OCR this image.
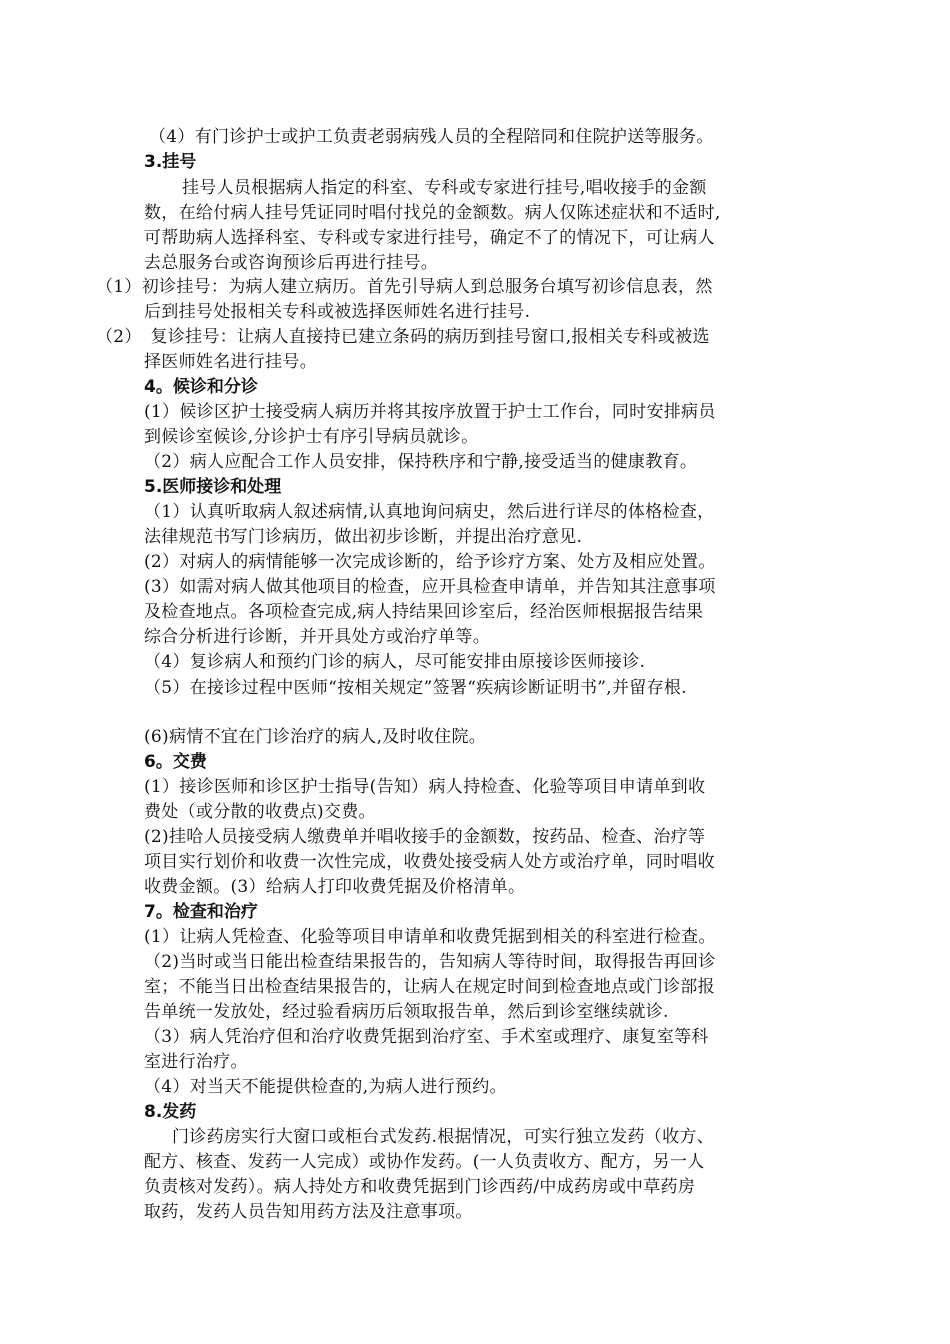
（4）有门诊护士或护工负责老弱病残人员的全程陪同和住院护送等服务。
3.挂号
挂号人员根据病人指定的科室、专科或专家进行挂号,唱收接手的金额
数，在给付病人挂号凭证同时唱付找兑的金额数。病人仅陈述症状和不适时,
可帮助病人选择科室、专科或专家进行挂号，确定不了的情况下，可让病人
去总服务台或咨询预诊后再进行挂号。
（1）初诊挂号：为病人建立病历。首先引导病人到总服务台填写初诊信息表，然
后到挂号处报相关专科或被选择医师姓名进行挂号.
（2）　复诊挂号：让病人直接持已建立条码的病历到挂号窗口,报相关专科或被选
择医师姓名进行挂号。
4。候诊和分诊
(1）候诊区护士接受病人病历并将其按序放置于护士工作台，同时安排病员
到候诊室候诊,分诊护士有序引导病员就诊。
（2）病人应配合工作人员安排，保持秩序和宁静,接受适当的健康教育。
5.医师接诊和处理
（1）认真听取病人叙述病情,认真地询问病史，然后进行详尽的体格检查，
法律规范书写门诊病历，做出初步诊断，并提出治疗意见.
(2）对病人的病情能够一次完成诊断的，给予诊疗方案、处方及相应处置。
(3）如需对病人做其他项目的检查，应开具检查申请单，并告知其注意事项
及检查地点。各项检查完成,病人持结果回诊室后，经治医师根据报告结果
综合分析进行诊断，并开具处方或治疗单等。
（4）复诊病人和预约门诊的病人，尽可能安排由原接诊医师接诊.
（5）在接诊过程中医师“按相关规定”签署“疾病诊断证明书”,并留存根.
(6)病情不宜在门诊治疗的病人,及时收住院。
6。交费
(1）接诊医师和诊区护士指导(告知）病人持检查、化验等项目申请单到收
费处（或分散的收费点)交费。
(2)挂哈人员接受病人缴费单并唱收接手的金额数，按药品、检查、治疗等
项目实行划价和收费一次性完成，收费处接受病人处方或治疗单，同时唱收
收费金额。(3）给病人打印收费凭据及价格清单。
7。检查和治疗
(1）让病人凭检查、化验等项目申请单和收费凭据到相关的科室进行检查。
（2)当时或当日能出检查结果报告的，告知病人等待时间，取得报告再回诊
室；不能当日出检查结果报告的，让病人在规定时间到检查地点或门诊部报
告单统一发放处，经过验看病历后领取报告单，然后到诊室继续就诊.
（3）病人凭治疗但和治疗收费凭据到治疗室、手术室或理疗、康复室等科
室进行治疗。
（4）对当天不能提供检查的,为病人进行预约。
8.发药
门诊药房实行大窗口或柜台式发药.根据情况，可实行独立发药（收方、
配方、核查、发药一人完成）或协作发药。(一人负责收方、配方，另一人
负责核对发药）。病人持处方和收费凭据到门诊西药/中成药房或中草药房
取药，发药人员告知用药方法及注意事项。
